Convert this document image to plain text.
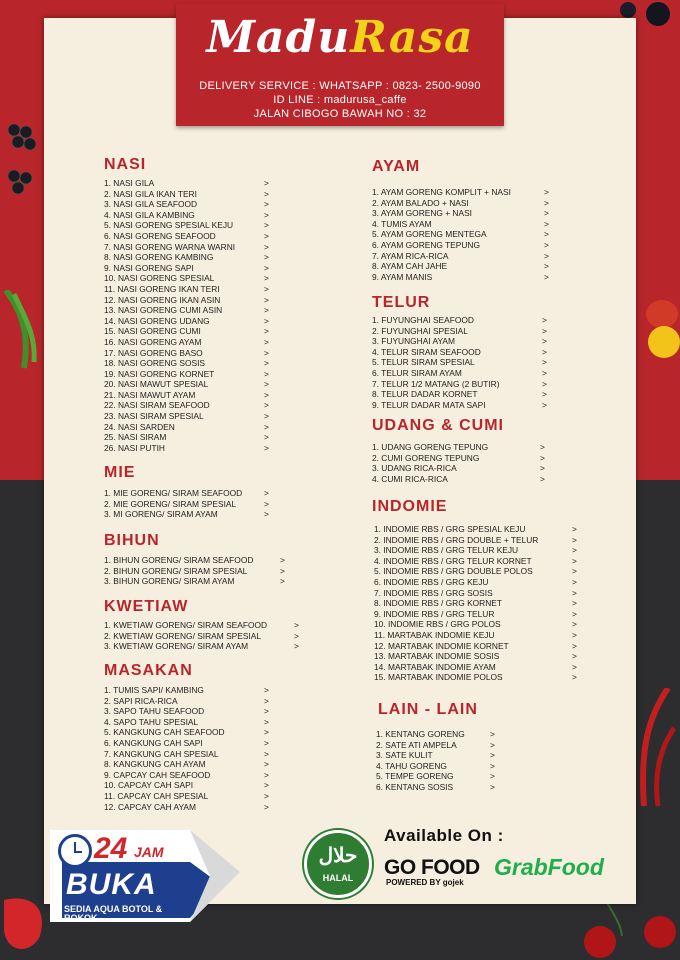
MaduRasa
DELIVERY SERVICE : WHATSAPP : 0823- 2500-9090
ID LINE : madurusa_caffe
JALAN CIBOGO BAWAH NO : 32
NASI
1. NASI GILA	>
2. NASI GILA IKAN TERI	>
3. NASI GILA SEAFOOD	>
4. NASI GILA KAMBING	>
5. NASI GORENG SPESIAL KEJU	>
6. NASI GORENG SEAFOOD	>
7. NASI GORENG WARNA WARNI	>
8. NASI GORENG KAMBING	>
9. NASI GORENG SAPI	>
10. NASI GORENG SPESIAL	>
11. NASI GORENG IKAN TERI	>
12. NASI GORENG IKAN ASIN	>
13. NASI GORENG CUMI ASIN	>
14. NASI GORENG UDANG	>
15. NASI GORENG CUMI	>
16. NASI GORENG AYAM	>
17. NASI GORENG BASO	>
18. NASI GORENG SOSIS	>
19. NASI GORENG KORNET	>
20. NASI MAWUT SPESIAL	>
21. NASI MAWUT AYAM	>
22. NASI SIRAM SEAFOOD	>
23. NASI SIRAM SPESIAL	>
24. NASI SARDEN	>
25. NASI SIRAM	>
26. NASI PUTIH	>
MIE
1. MIE GORENG/ SIRAM SEAFOOD	>
2. MIE GORENG/ SIRAM SPESIAL	>
3. MI GORENG/ SIRAM AYAM	>
BIHUN
1. BIHUN GORENG/ SIRAM SEAFOOD	>
2. BIHUN GORENG/ SIRAM SPESIAL	>
3. BIHUN GORENG/ SIRAM AYAM	>
KWETIAW
1. KWETIAW GORENG/ SIRAM SEAFOOD	>
2. KWETIAW GORENG/ SIRAM SPESIAL	>
3. KWETIAW GORENG/ SIRAM AYAM	>
MASAKAN
1. TUMIS SAPI/ KAMBING	>
2. SAPI RICA-RICA	>
3. SAPO TAHU SEAFOOD	>
4. SAPO TAHU SPESIAL	>
5. KANGKUNG CAH SEAFOOD	>
6. KANGKUNG CAH SAPI	>
7. KANGKUNG CAH SPESIAL	>
8. KANGKUNG CAH AYAM	>
9. CAPCAY CAH SEAFOOD	>
10. CAPCAY CAH SAPI	>
11. CAPCAY CAH SPESIAL	>
12. CAPCAY CAH AYAM	>
AYAM
1. AYAM GORENG KOMPLIT + NASI	>
2. AYAM BALADO + NASI	>
3. AYAM GORENG + NASI	>
4. TUMIS AYAM	>
5. AYAM GORENG MENTEGA	>
6. AYAM GORENG TEPUNG	>
7. AYAM RICA-RICA	>
8. AYAM CAH JAHE	>
9. AYAM MANIS	>
TELUR
1. FUYUNGHAI SEAFOOD	>
2. FUYUNGHAI SPESIAL	>
3. FUYUNGHAI AYAM	>
4. TELUR SIRAM SEAFOOD	>
5. TELUR SIRAM SPESIAL	>
6. TELUR SIRAM AYAM	>
7. TELUR 1/2 MATANG (2 BUTIR)	>
8. TELUR DADAR KORNET	>
9. TELUR DADAR MATA SAPI	>
UDANG & CUMI
1. UDANG GORENG TEPUNG	>
2. CUMI GORENG TEPUNG	>
3. UDANG RICA-RICA	>
4. CUMI RICA-RICA	>
INDOMIE
1. INDOMIE RBS / GRG SPESIAL KEJU	>
2. INDOMIE RBS / GRG DOUBLE + TELUR	>
3. INDOMIE RBS / GRG TELUR KEJU	>
4. INDOMIE RBS / GRG TELUR KORNET	>
5. INDOMIE RBS / GRG DOUBLE POLOS	>
6. INDOMIE RBS / GRG KEJU	>
7. INDOMIE RBS / GRG SOSIS	>
8. INDOMIE RBS / GRG KORNET	>
9. INDOMIE RBS / GRG TELUR	>
10. INDOMIE RBS / GRG POLOS	>
11. MARTABAK INDOMIE KEJU	>
12. MARTABAK INDOMIE KORNET	>
13. MARTABAK INDOMIE SOSIS	>
14. MARTABAK INDOMIE AYAM	>
15. MARTABAK INDOMIE POLOS	>
LAIN - LAIN
1. KENTANG GORENG	>
2. SATE ATI AMPELA	>
3. SATE KULIT	>
4. TAHU GORENG	>
5. TEMPE GORENG	>
6. KENTANG SOSIS	>
24 JAM
BUKA
SEDIA AQUA BOTOL & ROKOK
حلال
HALAL
Available On :
GO FOOD
POWERED BY gojek
GrabFood
